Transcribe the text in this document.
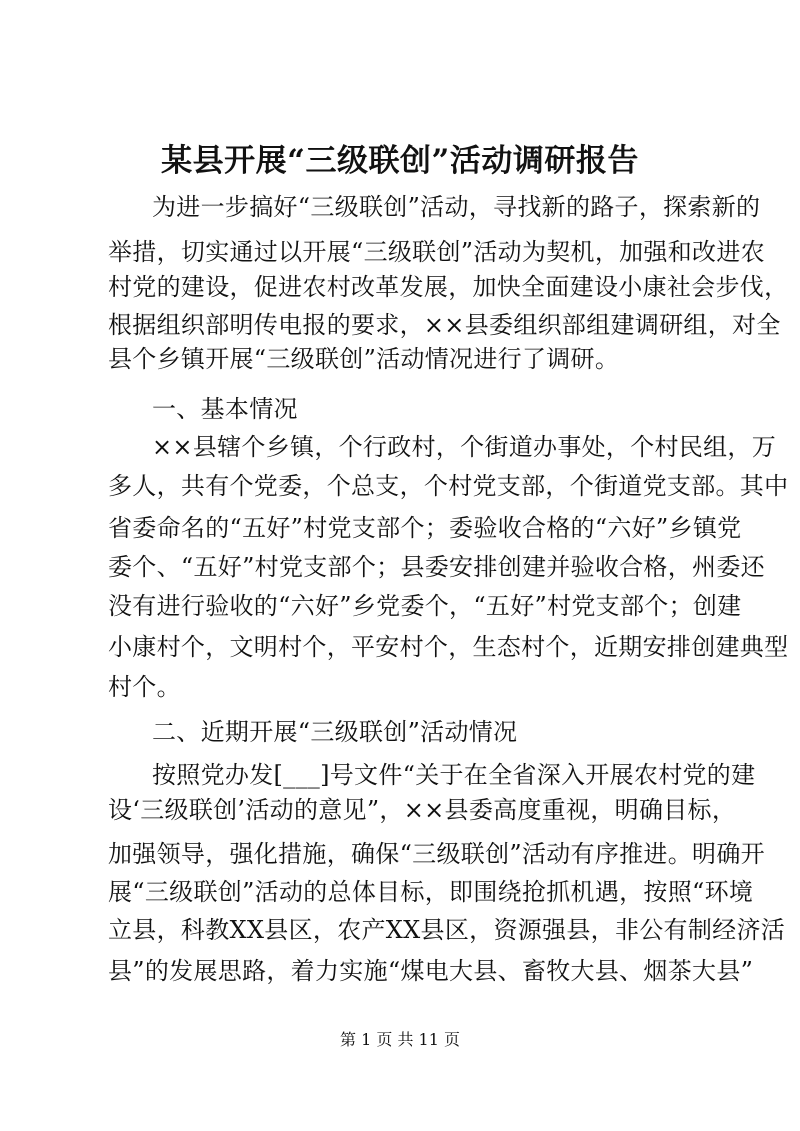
某县开展“三级联创”活动调研报告
为进一步搞好“三级联创”活动，寻找新的路子，探索新的
举措，切实通过以开展“三级联创”活动为契机，加强和改进农
村党的建设，促进农村改革发展，加快全面建设小康社会步伐，
根据组织部明传电报的要求，××县委组织部组建调研组，对全
县个乡镇开展“三级联创”活动情况进行了调研。
一、基本情况
××县辖个乡镇，个行政村，个街道办事处，个村民组，万
多人，共有个党委，个总支，个村党支部，个街道党支部。其中
省委命名的“五好”村党支部个；委验收合格的“六好”乡镇党
委个、“五好”村党支部个；县委安排创建并验收合格，州委还
没有进行验收的“六好”乡党委个，“五好”村党支部个；创建
小康村个，文明村个，平安村个，生态村个，近期安排创建典型
村个。
二、近期开展“三级联创”活动情况
按照党办发[___]号文件“关于在全省深入开展农村党的建
设‘三级联创’活动的意见”，××县委高度重视，明确目标，
加强领导，强化措施，确保“三级联创”活动有序推进。明确开
展“三级联创”活动的总体目标，即围绕抢抓机遇，按照“环境
立县，科教XX县区，农产XX县区，资源强县，非公有制经济活
县”的发展思路，着力实施“煤电大县、畜牧大县、烟茶大县”
第 1 页 共 11 页
